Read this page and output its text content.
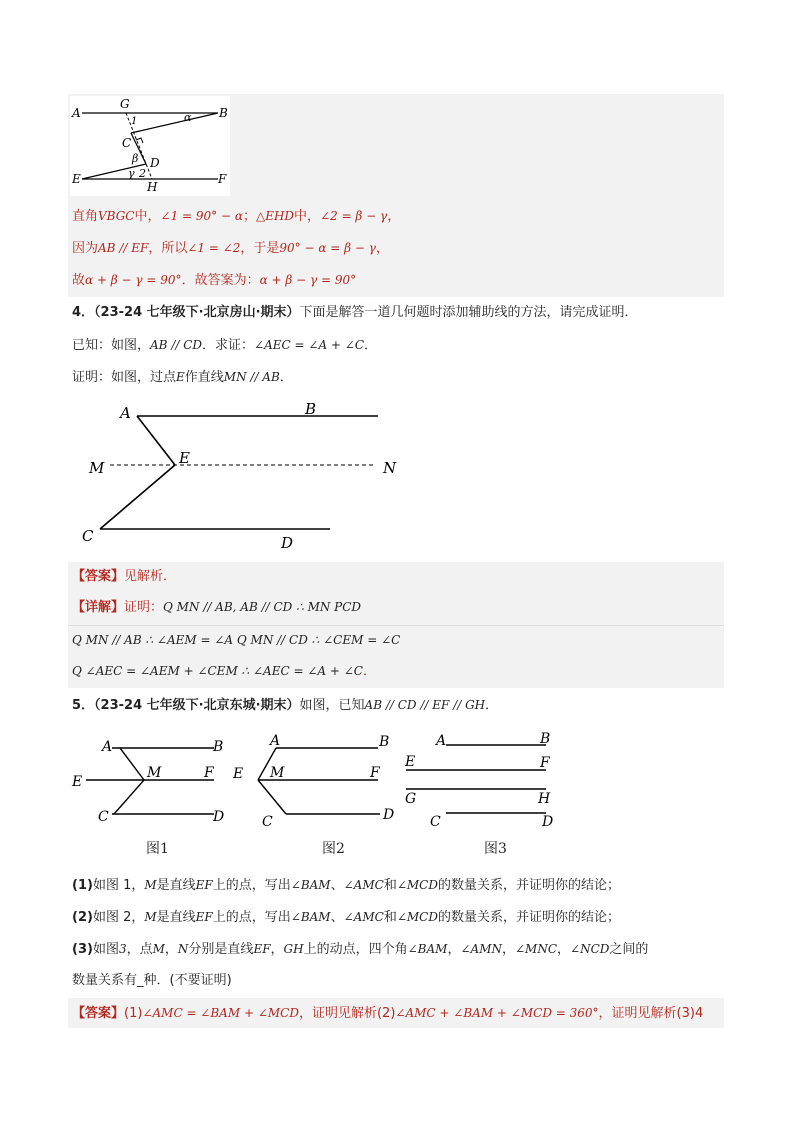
A
G
B
1	α
C
β D
E	γ 2
H
F
直角VBGC中，∠1 = 90° − α；△EHD中，∠2 = β − γ，
因为AB // EF，所以∠1 = ∠2，于是90° − α = β − γ，
故α + β − γ = 90°．故答案为：α + β − γ = 90°
4．（23-24 七年级下·北京房山·期末）下面是解答一道几何题时添加辅助线的方法，请完成证明．
已知：如图，AB // CD．求证：∠AEC = ∠A + ∠C．
证明：如图，过点E作直线MN // AB．
A	B
M
E
N
C	D
【答案】见解析．
【详解】证明：Q MN // AB, AB // CD ∴ MN PCD
Q MN // AB ∴ ∠AEM = ∠A Q MN // CD ∴ ∠CEM = ∠C
Q ∠AEC = ∠AEM + ∠CEM ∴ ∠AEC = ∠A + ∠C．
5．（23-24 七年级下·北京东城·期末）如图，已知AB // CD // EF // GH．
A	B
E
M	F
C	D
A	B
E M	F
C	D
A	B
E	F
G	H
C	D
图1	图2	图3
(1)如图 1，M是直线EF上的点，写出∠BAM、∠AMC和∠MCD的数量关系，并证明你的结论；
(2)如图 2，M是直线EF上的点，写出∠BAM、∠AMC和∠MCD的数量关系，并证明你的结论；
(3)如图3，点M，N分别是直线EF，GH上的动点，四个角∠BAM，∠AMN，∠MNC，∠NCD之间的
数量关系有_种．(不要证明)
【答案】(1)∠AMC = ∠BAM + ∠MCD，证明见解析(2)∠AMC + ∠BAM + ∠MCD = 360°，证明见解析(3)4
